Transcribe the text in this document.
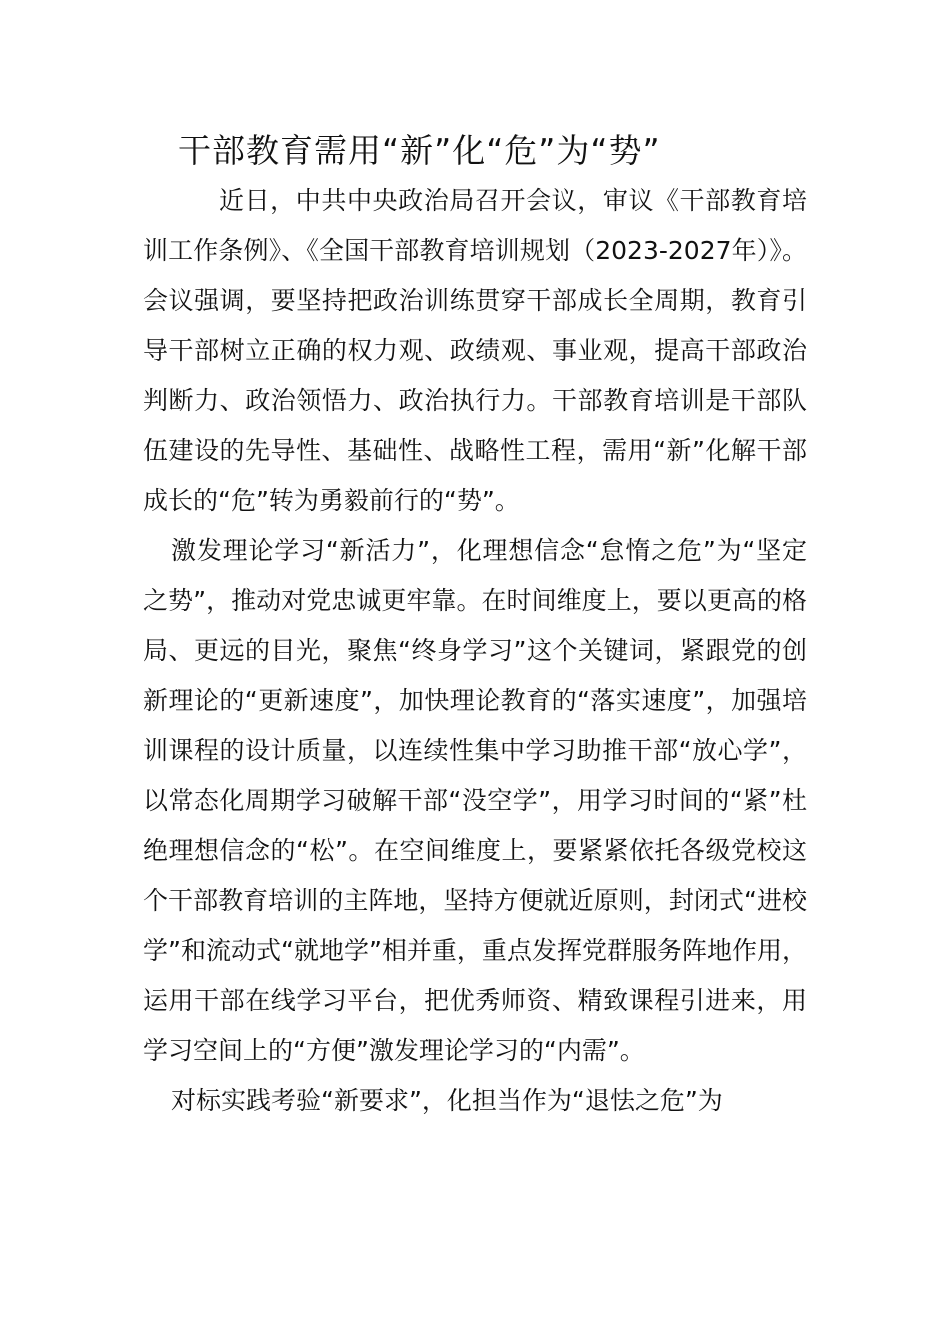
干部教育需用“新”化“危”为“势”

近日，中共中央政治局召开会议，审议《干部教育培训工作条例》、《全国干部教育培训规划（2023-2027年）》。会议强调，要坚持把政治训练贯穿干部成长全周期，教育引导干部树立正确的权力观、政绩观、事业观，提高干部政治判断力、政治领悟力、政治执行力。干部教育培训是干部队伍建设的先导性、基础性、战略性工程，需用“新”化解干部成长的“危”转为勇毅前行的“势”。

激发理论学习“新活力”，化理想信念“怠惰之危”为“坚定之势”，推动对党忠诚更牢靠。在时间维度上，要以更高的格局、更远的目光，聚焦“终身学习”这个关键词，紧跟党的创新理论的“更新速度”，加快理论教育的“落实速度”，加强培训课程的设计质量，以连续性集中学习助推干部“放心学”，以常态化周期学习破解干部“没空学”，用学习时间的“紧”杜绝理想信念的“松”。在空间维度上，要紧紧依托各级党校这个干部教育培训的主阵地，坚持方便就近原则，封闭式“进校学”和流动式“就地学”相并重，重点发挥党群服务阵地作用，运用干部在线学习平台，把优秀师资、精致课程引进来，用学习空间上的“方便”激发理论学习的“内需”。

对标实践考验“新要求”，化担当作为“退怯之危”为
